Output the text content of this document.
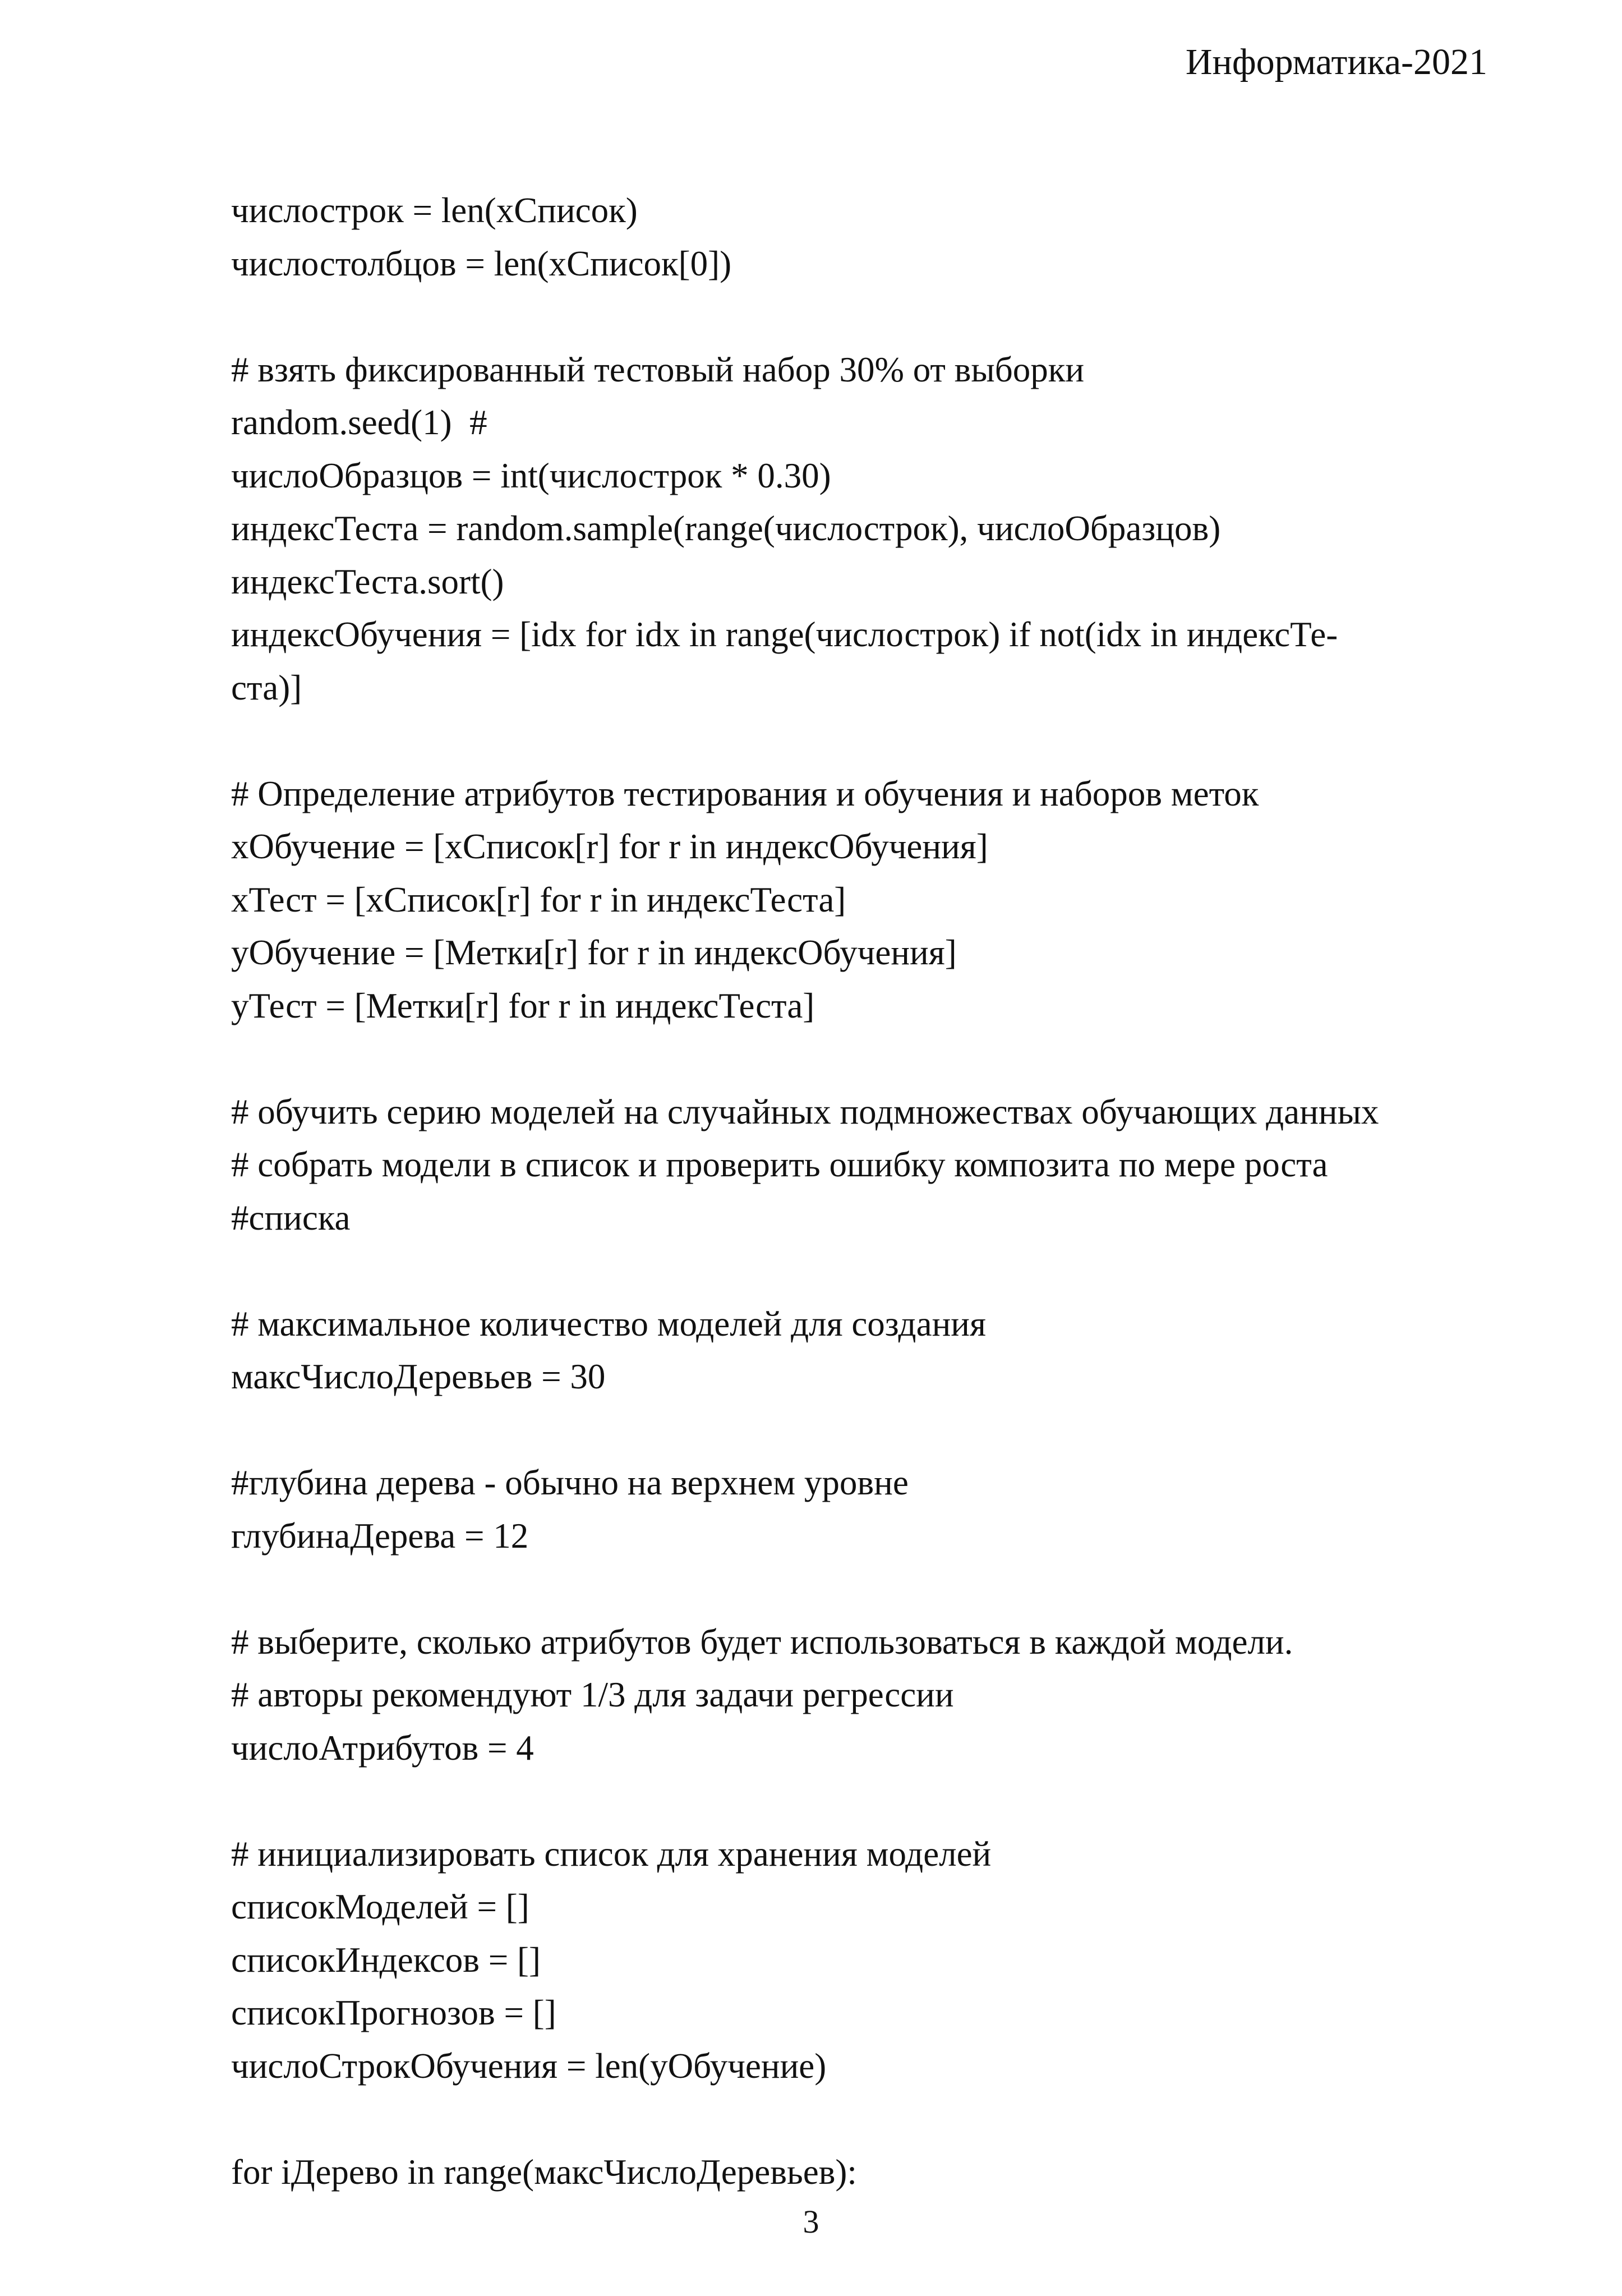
Информатика-2021
числострок = len(xСписок)
числостолбцов = len(xСписок[0])
# взять фиксированный тестовый набор 30% от выборки
random.seed(1)  #
числоОбразцов = int(числострок * 0.30)
индексТеста = random.sample(range(числострок), числоОбразцов)
индексТеста.sort()
индексОбучения = [idx for idx in range(числострок) if not(idx in индексТе-
ста)]
# Определение атрибутов тестирования и обучения и наборов меток
xОбучение = [xСписок[r] for r in индексОбучения]
xТест = [xСписок[r] for r in индексТеста]
yОбучение = [Метки[r] for r in индексОбучения]
yТест = [Метки[r] for r in индексТеста]
# обучить серию моделей на случайных подмножествах обучающих данных
# собрать модели в список и проверить ошибку композита по мере роста
#списка
# максимальное количество моделей для создания
максЧислоДеревьев = 30
#глубина дерева - обычно на верхнем уровне
глубинаДерева = 12
# выберите, сколько атрибутов будет использоваться в каждой модели.
# авторы рекомендуют 1/3 для задачи регрессии
числоАтрибутов = 4
# инициализировать список для хранения моделей
списокМоделей = []
списокИндексов = []
списокПрогнозов = []
числоСтрокОбучения = len(yОбучение)
for iДерево in range(максЧислоДеревьев):
3
